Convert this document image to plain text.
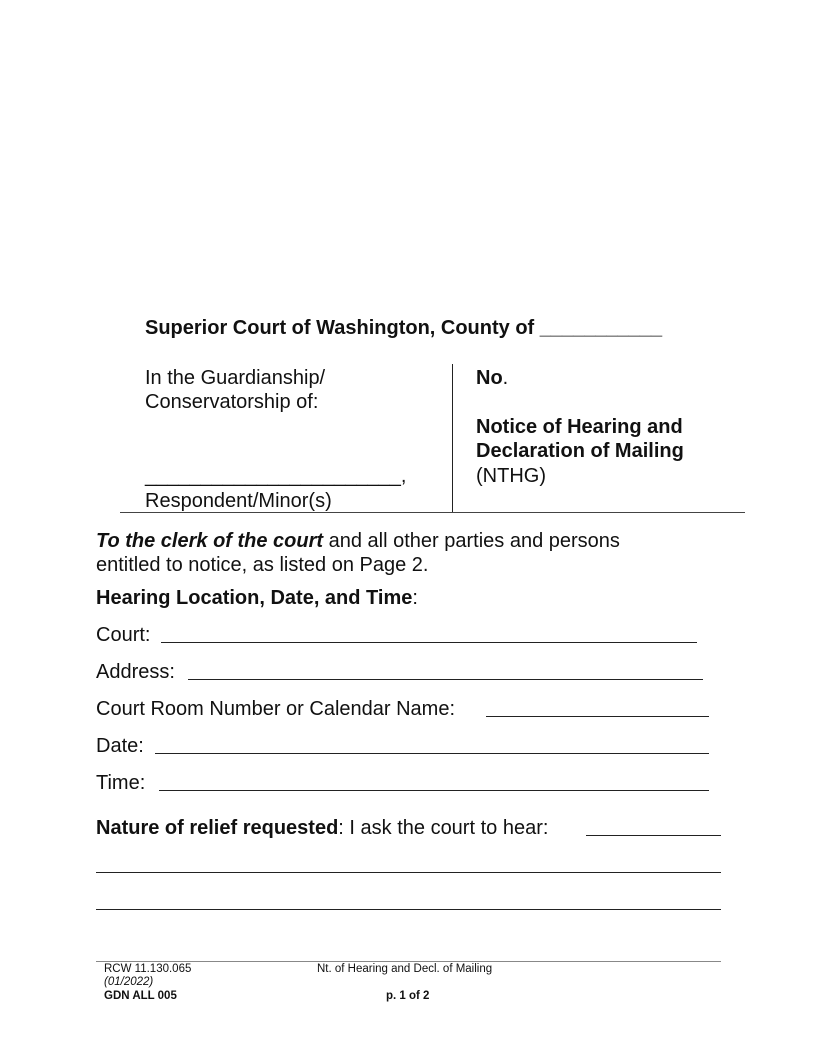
Superior Court of Washington, County of ___________
In the Guardianship/
Conservatorship of:
_______________________,
Respondent/Minor(s)
No.
Notice of Hearing and
Declaration of Mailing
(NTHG)
To the clerk of the court and all other parties and persons
entitled to notice, as listed on Page 2.
Hearing Location, Date, and Time:
Court:
Address:
Court Room Number or Calendar Name:
Date:
Time:
Nature of relief requested: I ask the court to hear:
RCW 11.130.065
(01/2022)
GDN ALL 005
Nt. of Hearing and Decl. of Mailing
p. 1 of 2
